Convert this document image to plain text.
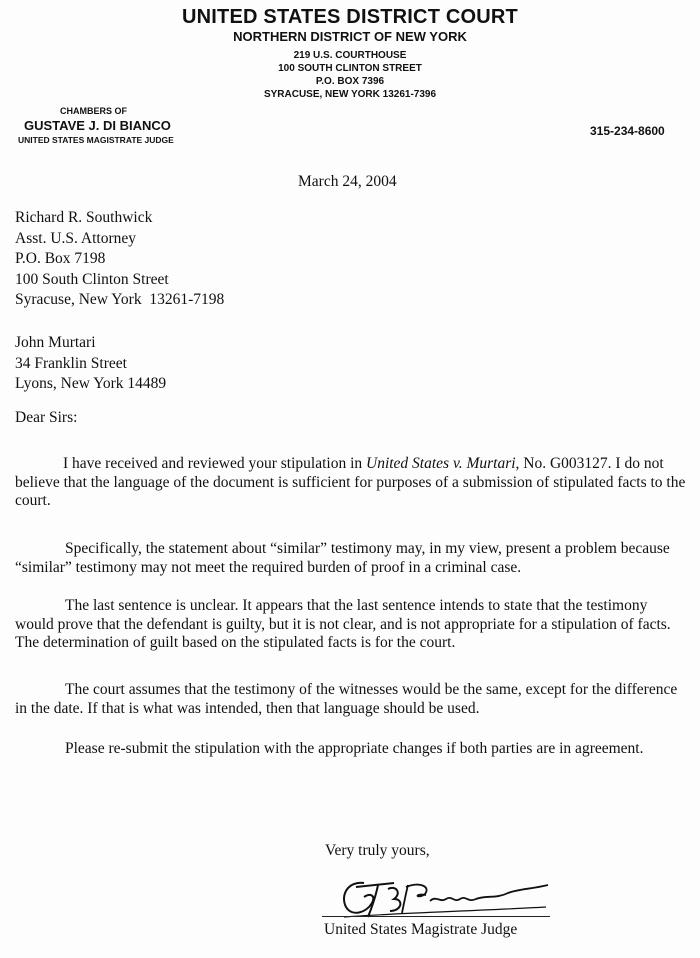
UNITED STATES DISTRICT COURT
NORTHERN DISTRICT OF NEW YORK
219 U.S. COURTHOUSE
100 SOUTH CLINTON STREET
P.O. BOX 7396
SYRACUSE, NEW YORK 13261-7396
CHAMBERS OF
GUSTAVE J. DI BIANCO
UNITED STATES MAGISTRATE JUDGE
315-234-8600
March 24, 2004
Richard R. Southwick
Asst. U.S. Attorney
P.O. Box 7198
100 South Clinton Street
Syracuse, New York  13261-7198
John Murtari
34 Franklin Street
Lyons, New York 14489
Dear Sirs:
I have received and reviewed your stipulation in United States v. Murtari, No. G003127. I do not believe that the language of the document is sufficient for purposes of a submission of stipulated facts to the court.
Specifically, the statement about “similar” testimony may, in my view, present a problem because “similar” testimony may not meet the required burden of proof in a criminal case.
The last sentence is unclear. It appears that the last sentence intends to state that the testimony would prove that the defendant is guilty, but it is not clear, and is not appropriate for a stipulation of facts. The determination of guilt based on the stipulated facts is for the court.
The court assumes that the testimony of the witnesses would be the same, except for the difference in the date. If that is what was intended, then that language should be used.
Please re-submit the stipulation with the appropriate changes if both parties are in agreement.
Very truly yours,
United States Magistrate Judge
